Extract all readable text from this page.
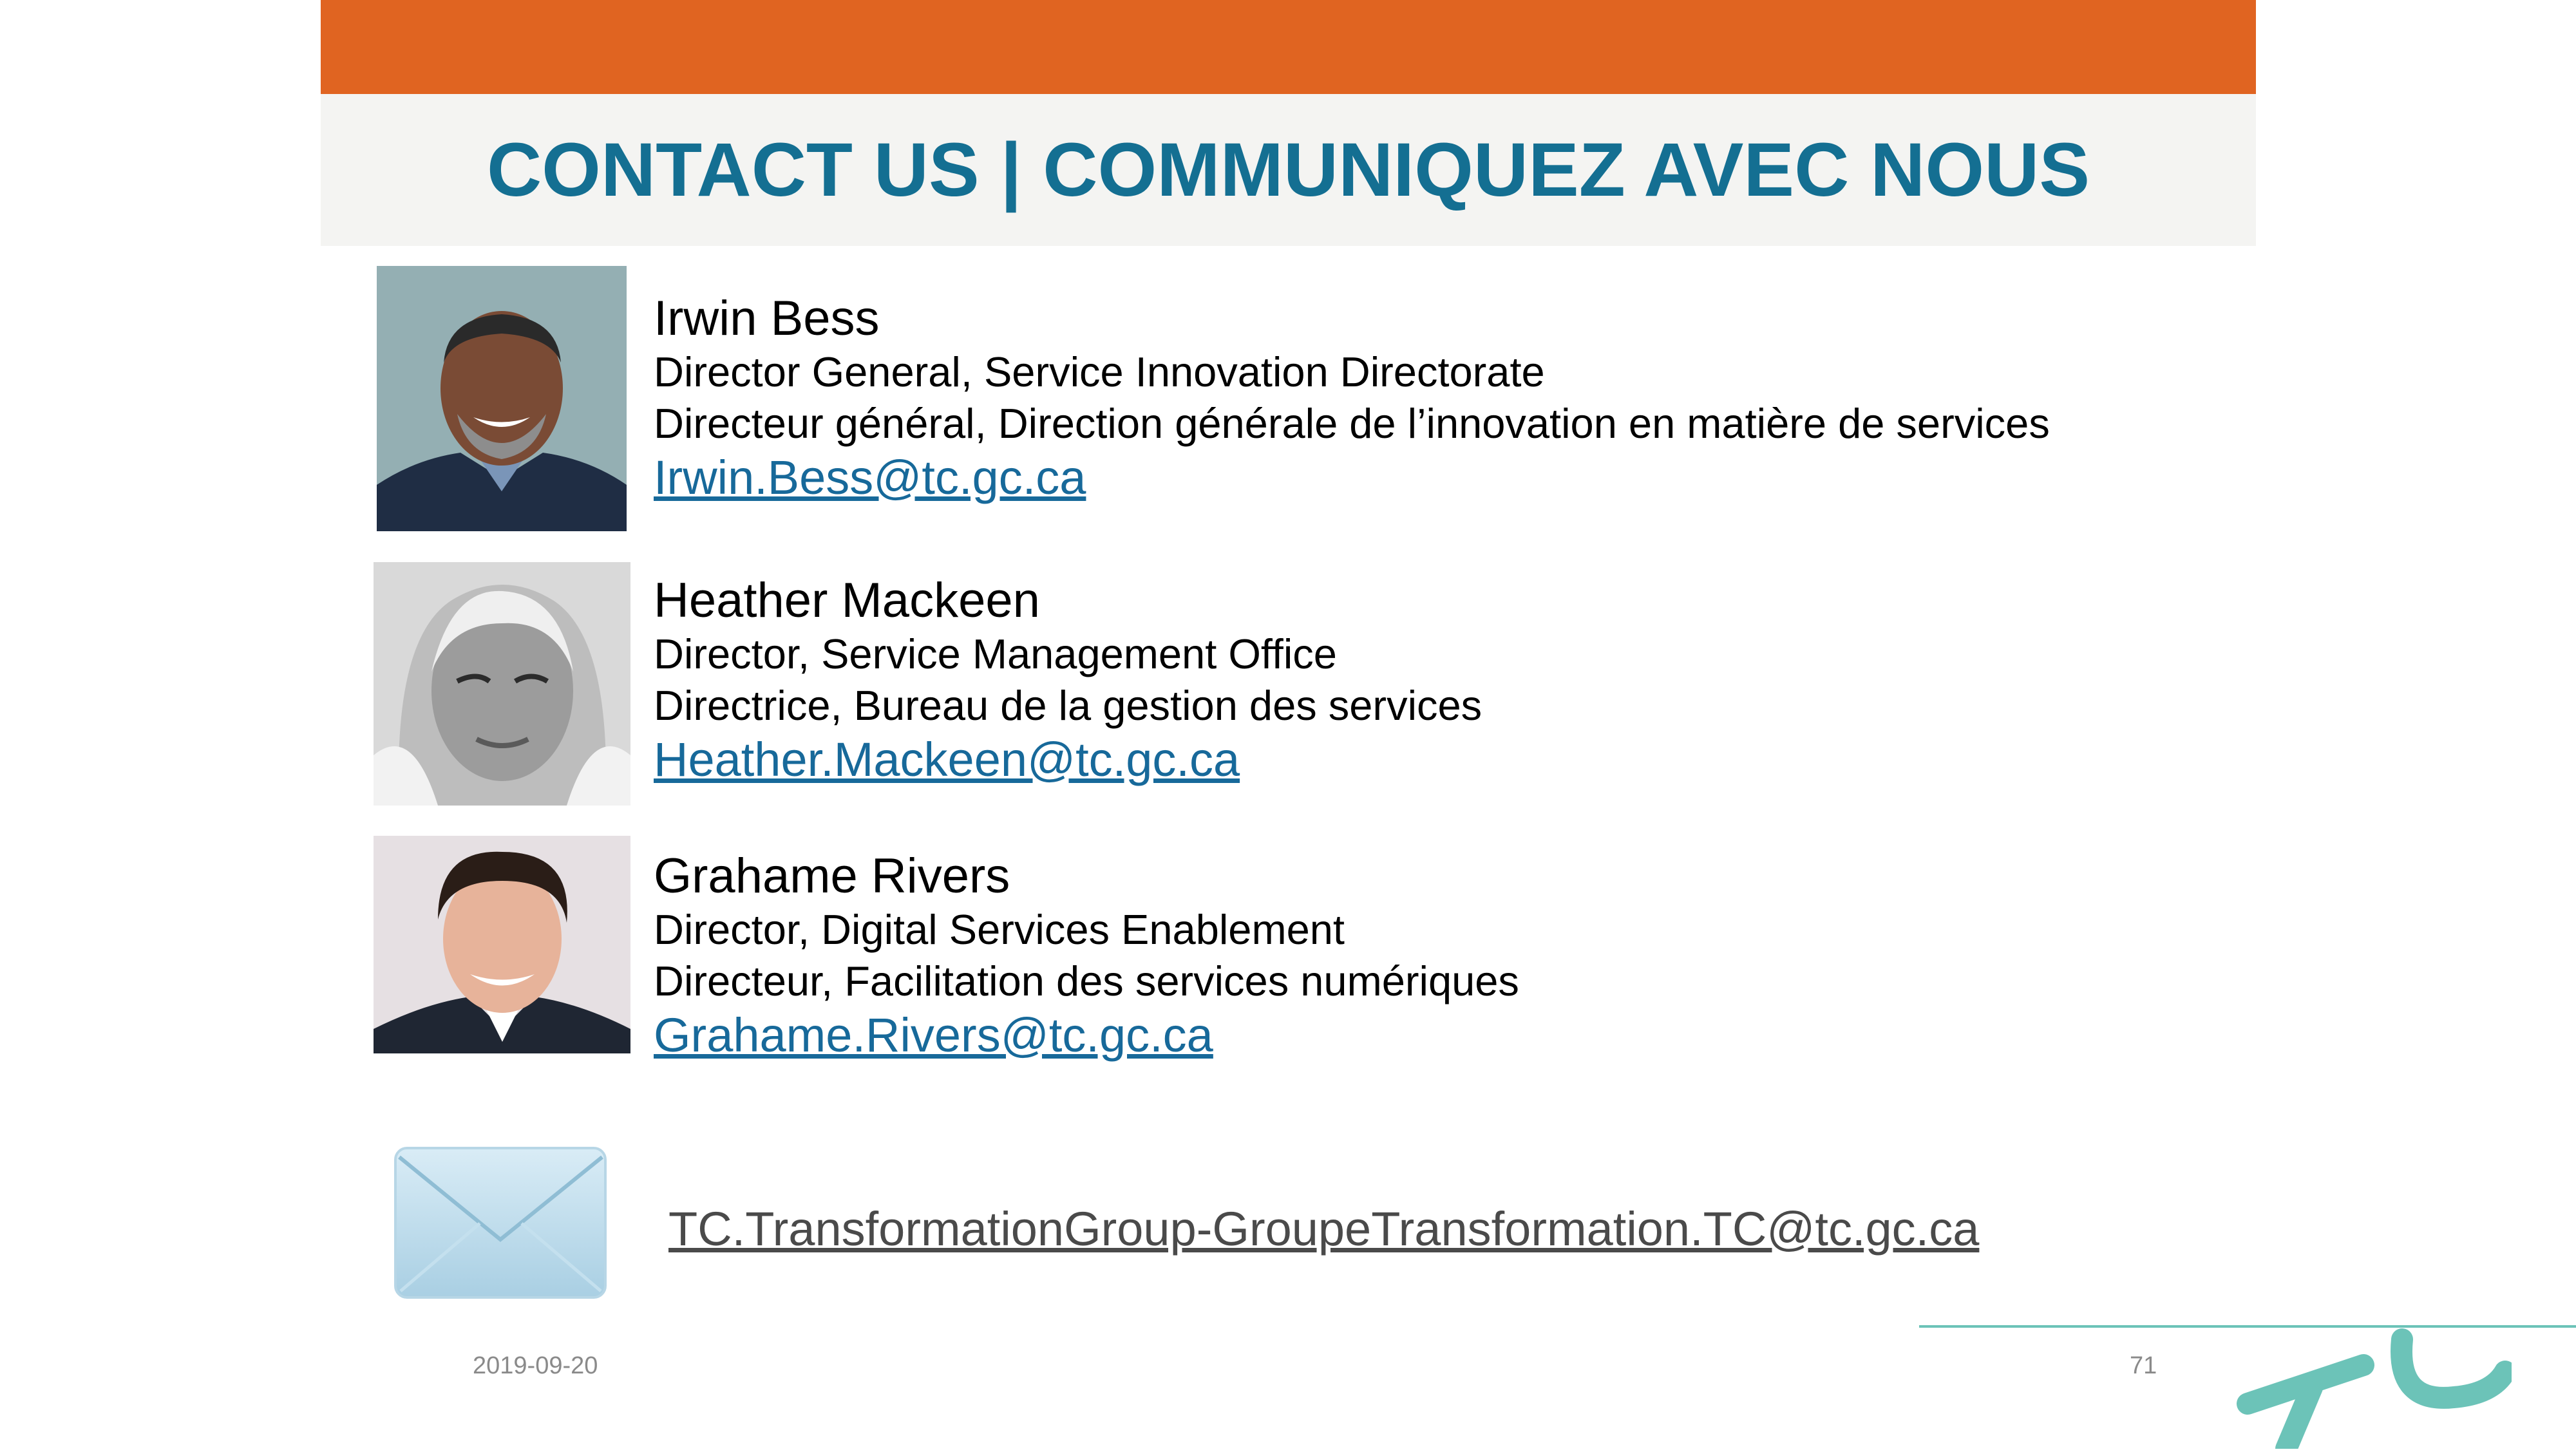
CONTACT US | COMMUNIQUEZ AVEC NOUS
Irwin Bess
Director General, Service Innovation Directorate
Directeur général, Direction générale de l’innovation en matière de services
Irwin.Bess@tc.gc.ca
Heather Mackeen
Director, Service Management Office
Directrice, Bureau de la gestion des services
Heather.Mackeen@tc.gc.ca
Grahame Rivers
Director, Digital Services Enablement
Directeur, Facilitation des services numériques
Grahame.Rivers@tc.gc.ca
TC.TransformationGroup-GroupeTransformation.TC@tc.gc.ca
2019-09-20	71
